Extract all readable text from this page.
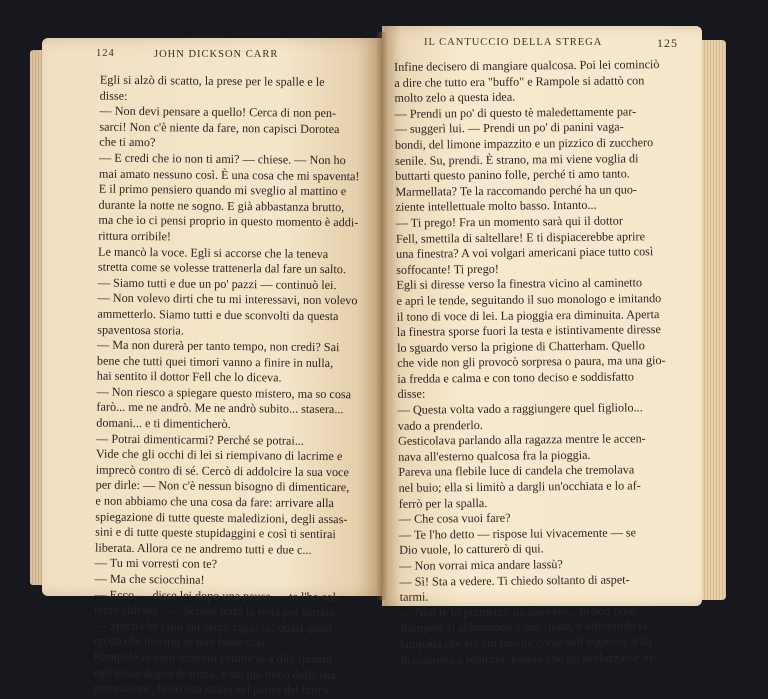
124	JOHN DICKSON CARR
Egli si alzò di scatto, la prese per le spalle e le
disse:
— Non devi pensare a quello! Cerca di non pen-
sarci! Non c'è niente da fare, non capisci Dorotea
che ti amo?
— E credi che io non ti ami? — chiese. — Non ho
mai amato nessuno così. È una cosa che mi spaventa!
E il primo pensiero quando mi sveglio al mattino e
durante la notte ne sogno. E già abbastanza brutto,
ma che io ci pensi proprio in questo momento è addi-
rittura orribile!
Le mancò la voce. Egli si accorse che la teneva
stretta come se volesse trattenerla dal fare un salto.
— Siamo tutti e due un po' pazzi — continuò lei.
— Non volevo dirti che tu mi interessavi, non volevo
ammetterlo. Siamo tutti e due sconvolti da questa
spaventosa storia.
— Ma non durerà per tanto tempo, non credi? Sai
bene che tutti quei timori vanno a finire in nulla,
hai sentito il dottor Fell che lo diceva.
— Non riesco a spiegare questo mistero, ma so cosa
farò... me ne andrò. Me ne andrò subito... stasera...
domani... e ti dimenticherò.
— Potrai dimenticarmi? Perché se potrai...
Vide che gli occhi di lei si riempivano di lacrime e
imprecò contro di sé. Cercò di addolcire la sua voce
per dirle: — Non c'è nessun bisogno di dimenticare,
e non abbiamo che una cosa da fare: arrivare alla
spiegazione di tutte queste maledizioni, degli assas-
sini e di tutte queste stupidaggini e così ti sentirai
liberata. Allora ce ne andremo tutti e due c...
— Tu mi vorresti con te?
— Ma che sciocchina!
— Ecco — disse lei dopo una pausa — te l'ho sol-
tanto chiesto... — Scosse forte la testa poi sorrise.
— Spero che farai sul serio, ragazzo; quasi quasi
credo che morirei se non fosse così.
Rampole in tono oratorio cominciò a dire quanto
egli fosse degno di stima, e sul più bello della sua
perorazione, ficcò una mano nel piatto del burro.
IL CANTUCCIO DELLA STREGA	125
Infine decisero di mangiare qualcosa. Poi lei cominciò
a dire che tutto era "buffo" e Rampole si adattò con
molto zelo a questa idea.
— Prendi un po' di questo tè maledettamente par-
— suggerì lui. — Prendi un po' di panini vaga-
bondi, del limone impazzito e un pizzico di zucchero
senile. Su, prendi. È strano, ma mi viene voglia di
buttarti questo panino folle, perché ti amo tanto.
Marmellata? Te la raccomando perché ha un quo-
ziente intellettuale molto basso. Intanto...
— Ti prego! Fra un momento sarà qui il dottor
Fell, smettila di saltellare! E ti dispiacerebbe aprire
una finestra? A voi volgari americani piace tutto così
soffocante! Ti prego!
Egli si diresse verso la finestra vicino al caminetto
e aprì le tende, seguitando il suo monologo e imitando
il tono di voce di lei. La pioggia era diminuita. Aperta
la finestra sporse fuori la testa e istintivamente diresse
lo sguardo verso la prigione di Chatterham. Quello
che vide non gli provocò sorpresa o paura, ma una gio-
ia fredda e calma e con tono deciso e soddisfatto
disse:
— Questa volta vado a raggiungere quel figliolo...
vado a prenderlo.
Gesticolava parlando alla ragazza mentre le accen-
nava all'esterno qualcosa fra la pioggia.
Pareva una flebile luce di candela che tremolava
nel buio; ella si limitò a dargli un'occhiata e lo af-
ferrò per la spalla.
— Che cosa vuoi fare?
— Te l'ho detto — rispose lui vivacemente — se
Dio vuole, lo catturerò di qui.
— Non vorrai mica andare lassù?
— Sì! Sta a vedere. Ti chiedo soltanto di aspet-
tarmi.
— Non te lo permetto; no davvero... tu non puoi...
Rampole si abbandonò a una risata, e afferrando la
lampada che era sul tavolo, corse nell'ingresso. Ella
lo costretta a seguirlo, pareva che gli svolazzasse in-
